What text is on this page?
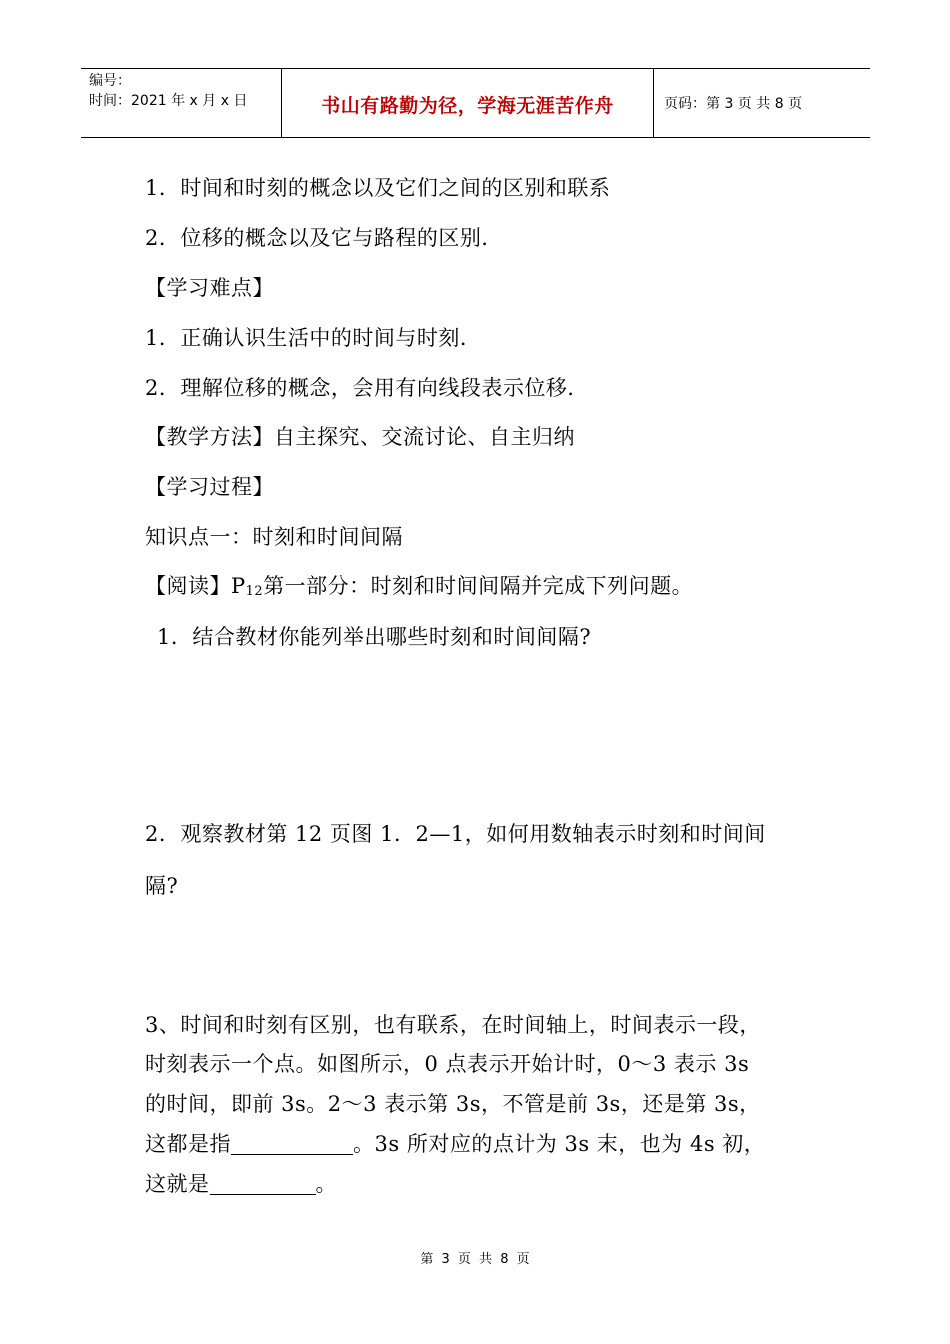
编号：
时间：2021 年 x 月 x 日	书山有路勤为径，学海无涯苦作舟	页码：第 3 页 共 8 页
1．时间和时刻的概念以及它们之间的区别和联系
2．位移的概念以及它与路程的区别．
【学习难点】
1．正确认识生活中的时间与时刻．
2．理解位移的概念，会用有向线段表示位移．
【教学方法】自主探究、交流讨论、自主归纳
【学习过程】
知识点一：时刻和时间间隔
【阅读】P12第一部分：时刻和时间间隔并完成下列问题。
1．结合教材你能列举出哪些时刻和时间间隔?
2．观察教材第 12 页图 1．2—1，如何用数轴表示时刻和时间间
隔?
3、时间和时刻有区别，也有联系，在时间轴上，时间表示一段，
时刻表示一个点。如图所示，0 点表示开始计时，0～3 表示 3s
的时间，即前 3s。2～3 表示第 3s，不管是前 3s，还是第 3s，
这都是指	。3s 所对应的点计为 3s 末，也为 4s 初，
这就是	。
第 3 页 共 8 页
